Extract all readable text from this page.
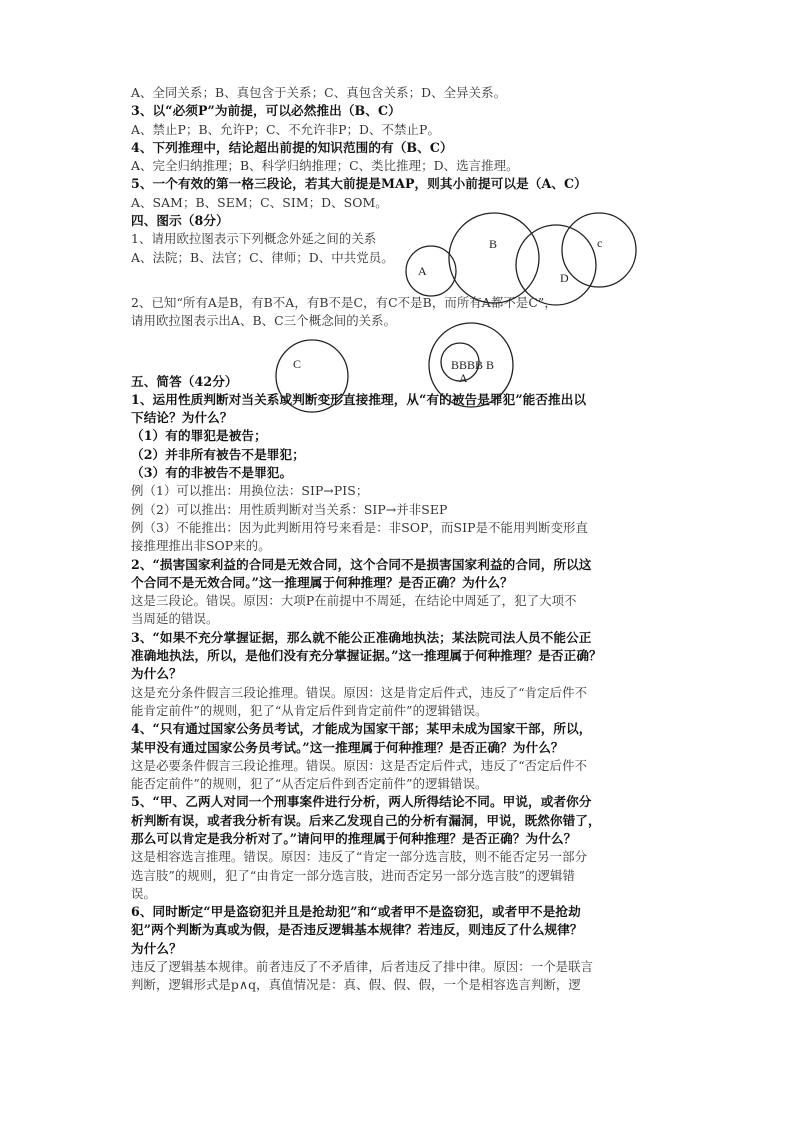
A、全同关系；B、真包含于关系；C、真包含关系；D、全异关系。

3、以“必须P”为前提，可以必然推出（B、C）

A、禁止P；B、允许P；C、不允许非P；D、不禁止P。

4、下列推理中，结论超出前提的知识范围的有（B、C）

A、完全归纳推理；B、科学归纳推理；C、类比推理；D、选言推理。

5、一个有效的第一格三段论，若其大前提是MAP，则其小前提可以是（A、C）

A、SAM；B、SEM；C、SIM；D、SOM。

四、图示（8分）

1、请用欧拉图表示下列概念外延之间的关系

A、法院；B、法官；C、律师；D、中共党员。

2、已知“所有A是B，有B不A，有B不是C，有C不是B，而所有A都不是C”，

请用欧拉图表示出A、B、C三个概念间的关系。

五、简答（42分）

1、运用性质判断对当关系或判断变形直接推理，从“有的被告是罪犯”能否推出以

下结论？为什么？

（1）有的罪犯是被告；

（2）并非所有被告不是罪犯；

（3）有的非被告不是罪犯。

例（1）可以推出：用换位法：SIP→PIS；

例（2）可以推出：用性质判断对当关系：SIP→并非SEP

例（3）不能推出：因为此判断用符号来看是：非SOP，而SIP是不能用判断变形直

接推理推出非SOP来的。

2、“损害国家利益的合同是无效合同，这个合同不是损害国家利益的合同，所以这

个合同不是无效合同。”这一推理属于何种推理？是否正确？为什么？

这是三段论。错误。原因：大项P在前提中不周延，在结论中周延了，犯了大项不

当周延的错误。

3、“如果不充分掌握证据，那么就不能公正准确地执法；某法院司法人员不能公正

准确地执法，所以，是他们没有充分掌握证据。”这一推理属于何种推理？是否正确？

为什么？

这是充分条件假言三段论推理。错误。原因：这是肯定后件式，违反了“肯定后件不

能肯定前件”的规则，犯了“从肯定后件到肯定前件”的逻辑错误。

4、“只有通过国家公务员考试，才能成为国家干部；某甲未成为国家干部，所以，

某甲没有通过国家公务员考试。”这一推理属于何种推理？是否正确？为什么？

这是必要条件假言三段论推理。错误。原因：这是否定后件式，违反了“否定后件不

能否定前件”的规则，犯了“从否定后件到否定前件”的逻辑错误。

5、“甲、乙两人对同一个刑事案件进行分析，两人所得结论不同。甲说，或者你分

析判断有误，或者我分析有误。后来乙发现自己的分析有漏洞，甲说，既然你错了，

那么可以肯定是我分析对了。”请问甲的推理属于何种推理？是否正确？为什么？

这是相容选言推理。错误。原因：违反了“肯定一部分选言肢，则不能否定另一部分

选言肢”的规则，犯了“由肯定一部分选言肢，进而否定另一部分选言肢”的逻辑错

误。

6、同时断定“甲是盗窃犯并且是抢劫犯”和“或者甲不是盗窃犯，或者甲不是抢劫

犯”两个判断为真或为假，是否违反逻辑基本规律？若违反，则违反了什么规律？

为什么？

违反了逻辑基本规律。前者违反了不矛盾律，后者违反了排中律。原因：一个是联言

判断，逻辑形式是p∧q，真值情况是：真、假、假、假，一个是相容选言判断，逻

A
B	c
D
C	BBBB B
A
